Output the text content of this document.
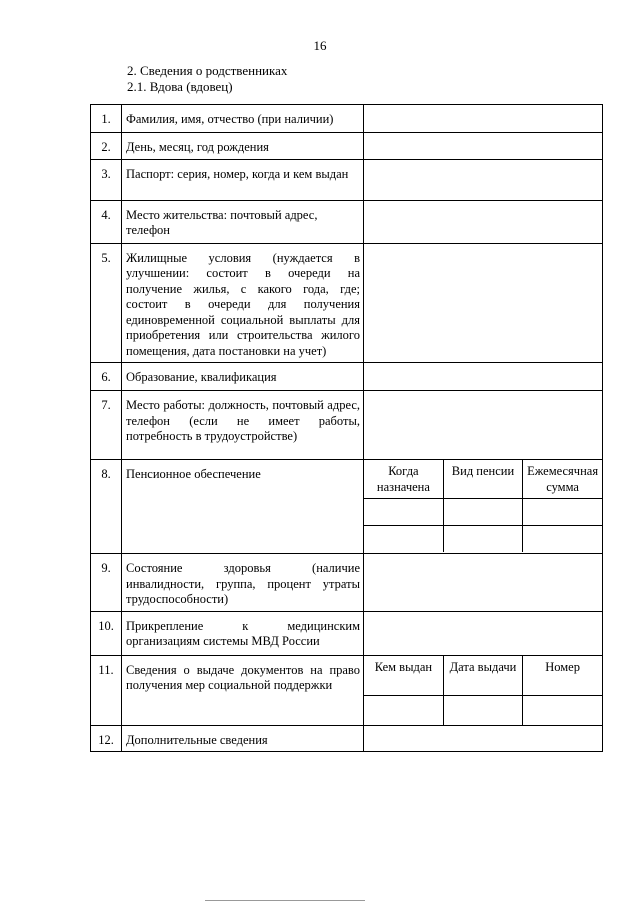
16
2. Сведения о родственниках
2.1. Вдова (вдовец)
1.	Фамилия, имя, отчество (при наличии)	
2.	День, месяц, год рождения	
3.	Паспорт: серия, номер, когда и кем выдан	
4.	Место жительства: почтовый адрес, телефон	
5.	Жилищные условия (нуждается в улучшении: состоит в очереди на получение жилья, с какого года, где; состоит в очереди для получения единовременной социальной выплаты для приобретения или строительства жилого помещения, дата постановки на учет)	
6.	Образование, квалификация	
7.	Место работы: должность, почтовый адрес, телефон (если не имеет работы, потребность в трудоустройстве)	
8.	Пенсионное обеспечение		Когда назначена	Вид пенсии	Ежемесячная сумма

9.	Состояние здоровья (наличие инвалидности, группа, процент утраты трудоспособности)	
10.	Прикрепление к медицинским организациям системы МВД России	
11.	Сведения о выдаче документов на право получения мер социальной поддержки	
Кем выдан	Дата выдачи	Номер

12.	Дополнительные сведения	
